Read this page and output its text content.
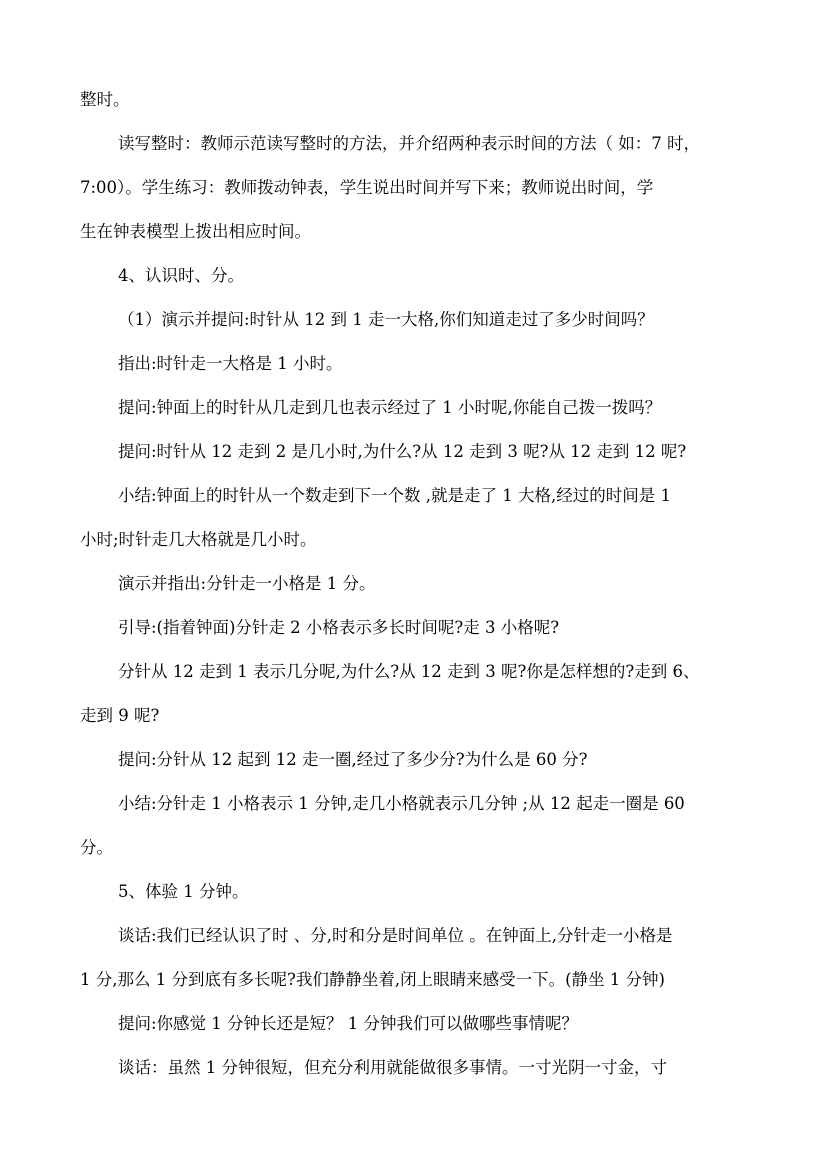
整时。
读写整时：教师示范读写整时的方法，并介绍两种表示时间的方法（ 如：7 时，
7:00）。学生练习：教师拨动钟表，学生说出时间并写下来；教师说出时间，学
生在钟表模型上拨出相应时间。
4、认识时、分。
（1）演示并提问:时针从 12 到 1 走一大格,你们知道走过了多少时间吗？
指出:时针走一大格是 1 小时。
提问:钟面上的时针从几走到几也表示经过了 1 小时呢,你能自己拨一拨吗？
提问:时针从 12 走到 2 是几小时,为什么?从 12 走到 3 呢?从 12 走到 12 呢?
小结:钟面上的时针从一个数走到下一个数 ,就是走了 1 大格,经过的时间是 1
小时;时针走几大格就是几小时。
演示并指出:分针走一小格是 1 分。
引导:(指着钟面)分针走 2 小格表示多长时间呢?走 3 小格呢?
分针从 12 走到 1 表示几分呢,为什么?从 12 走到 3 呢?你是怎样想的?走到 6、
走到 9 呢?
提问:分针从 12 起到 12 走一圈,经过了多少分?为什么是 60 分?
小结:分针走 1 小格表示 1 分钟,走几小格就表示几分钟 ;从 12 起走一圈是 60
分。
5、体验 1 分钟。
谈话:我们已经认识了时 、分,时和分是时间单位 。在钟面上,分针走一小格是
1 分,那么 1 分到底有多长呢?我们静静坐着,闭上眼睛来感受一下。(静坐 1 分钟)
提问:你感觉 1 分钟长还是短？ 1 分钟我们可以做哪些事情呢？
谈话：虽然 1 分钟很短，但充分利用就能做很多事情。一寸光阴一寸金，寸
